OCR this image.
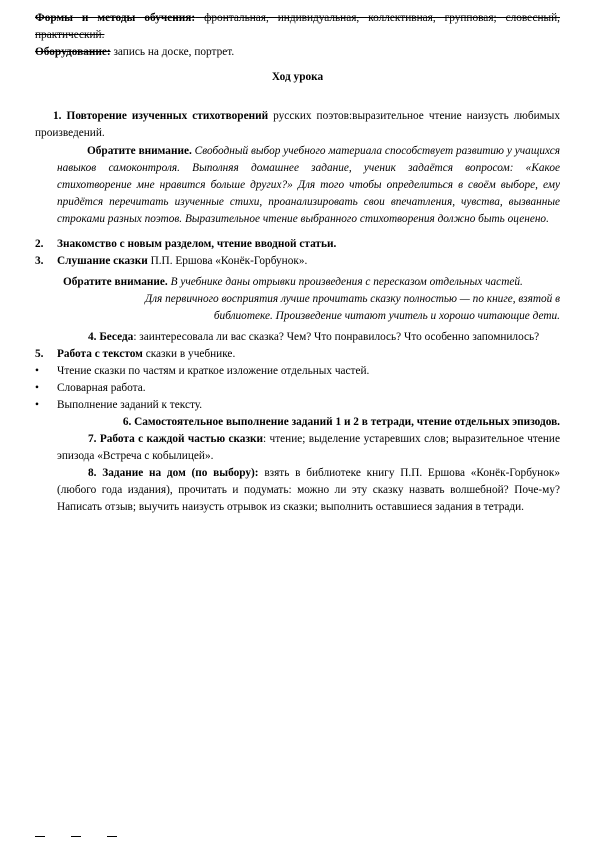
Формы и методы обучения: фронтальная, индивидуальная, коллективная, групповая; словесный, практический.

Оборудование: запись на доске, портрет.

Ход урока

1. Повторение изученных стихотворений русских поэтов:выразительное чтение наизусть любимых произведений.

Обратите внимание. Свободный выбор учебного материала способствует развитию у учащихся навыков самоконтроля. Выполняя домашнее задание, ученик задаётся вопросом: «Какое стихотворение мне нравится больше других?» Для того чтобы определиться в своём выборе, ему придётся перечитать изученные стихи, проанализировать свои впечатления, чувства, вызванные строками разных поэтов. Выразительное чтение выбранного стихотворения должно быть оценено.

2. Знакомство с новым разделом, чтение вводной статьи.

3. Слушание сказки П.П. Ершова «Конёк-Горбунок».

Обратите внимание. В учебнике даны отрывки произведения с пересказом отдельных частей.

Для первичного восприятия лучше прочитать сказку полностью — по книге, взятой в

библиотеке. Произведение читают учитель и хорошо читающие дети.

4. Беседа: заинтересовала ли вас сказка? Чем? Что понравилось? Что особенно запомнилось?

5. Работа с текстом сказки в учебнике.

•	Чтение сказки по частям и краткое изложение отдельных частей.
•	Словарная работа.
•	Выполнение заданий к тексту.

6. Самостоятельное выполнение заданий 1 и 2 в тетради, чтение отдельных эпизодов.

7. Работа с каждой частью сказки: чтение; выделение устаревших слов; выразительное чтение эпизода «Встреча с кобылицей».

8. Задание на дом (по выбору): взять в библиотеке книгу П.П. Ершова «Конёк-Горбунок» (любого года издания), прочитать и подумать: можно ли эту сказку назвать волшебной? Поче-му? Написать отзыв; выучить наизусть отрывок из сказки; выполнить оставшиеся задания в тетради.
